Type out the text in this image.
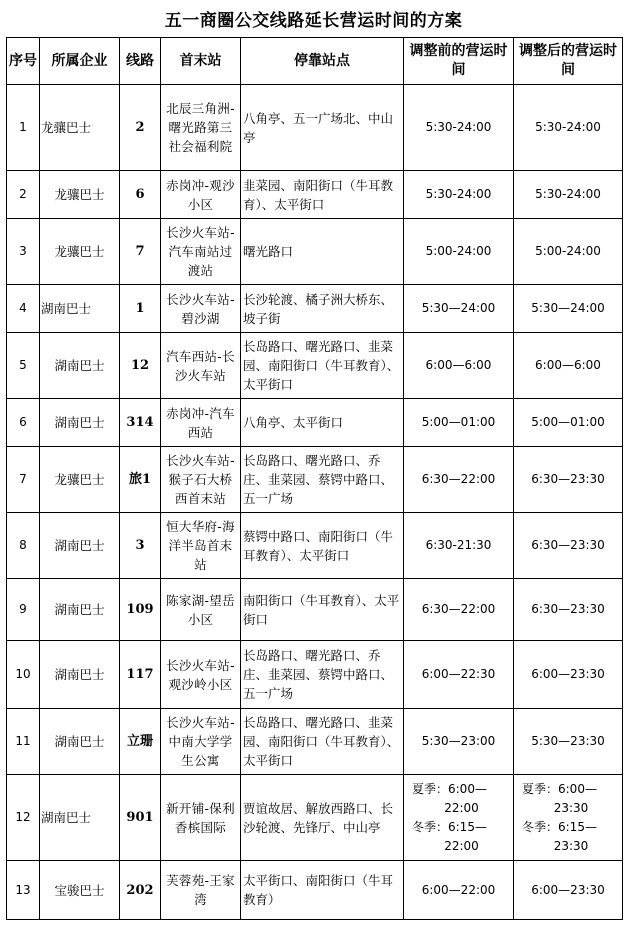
五一商圈公交线路延长营运时间的方案
序号	所属企业	线路	首末站	停靠站点	调整前的营运时间	调整后的营运时间
1	龙骧巴士	2	北辰三角洲-曙光路第三社会福利院	八角亭、五一广场北、中山亭	5:30-24:00	5:30-24:00
2	龙骧巴士	6	赤岗冲-观沙小区	韭菜园、南阳街口（牛耳教育）、太平街口	5:30-24:00	5:30-24:00
3	龙骧巴士	7	长沙火车站-汽车南站过渡站	曙光路口	5:00-24:00	5:00-24:00
4	湖南巴士	1	长沙火车站-碧沙湖	长沙轮渡、橘子洲大桥东、坡子街	5:30—24:00	5:30—24:00
5	湖南巴士	12	汽车西站-长沙火车站	长岛路口、曙光路口、韭菜园、南阳街口（牛耳教育）、太平街口	6:00—6:00	6:00—6:00
6	湖南巴士	314	赤岗冲-汽车西站	八角亭、太平街口	5:00—01:00	5:00—01:00
7	龙骧巴士	旅1	长沙火车站-猴子石大桥西首末站	长岛路口、曙光路口、乔庄、韭菜园、蔡锷中路口、五一广场	6:30—22:00	6:30—23:30
8	湖南巴士	3	恒大华府-海洋半岛首末站	蔡锷中路口、南阳街口（牛耳教育）、太平街口	6:30-21:30	6:30—23:30
9	湖南巴士	109	陈家湖-望岳小区	南阳街口（牛耳教育）、太平街口	6:30—22:00	6:30—23:30
10	湖南巴士	117	长沙火车站-观沙岭小区	长岛路口、曙光路口、乔庄、韭菜园、蔡锷中路口、五一广场	6:00—22:30	6:00—23:30
11	湖南巴士	立珊	长沙火车站-中南大学学生公寓	长岛路口、曙光路口、韭菜园、南阳街口（牛耳教育）、太平街口	5:30—23:00	5:30—23:30
12	湖南巴士	901	新开铺-保利香槟国际	贾谊故居、解放西路口、长沙轮渡、先锋厅、中山亭	夏季：6:00—
22:00
冬季：6:15—
22:00	夏季：6:00—
23:30
冬季：6:15—
23:30

13	宝骏巴士	202	芙蓉苑-王家湾	太平街口、南阳街口（牛耳教育）	6:00—22:00	6:00—23:30
